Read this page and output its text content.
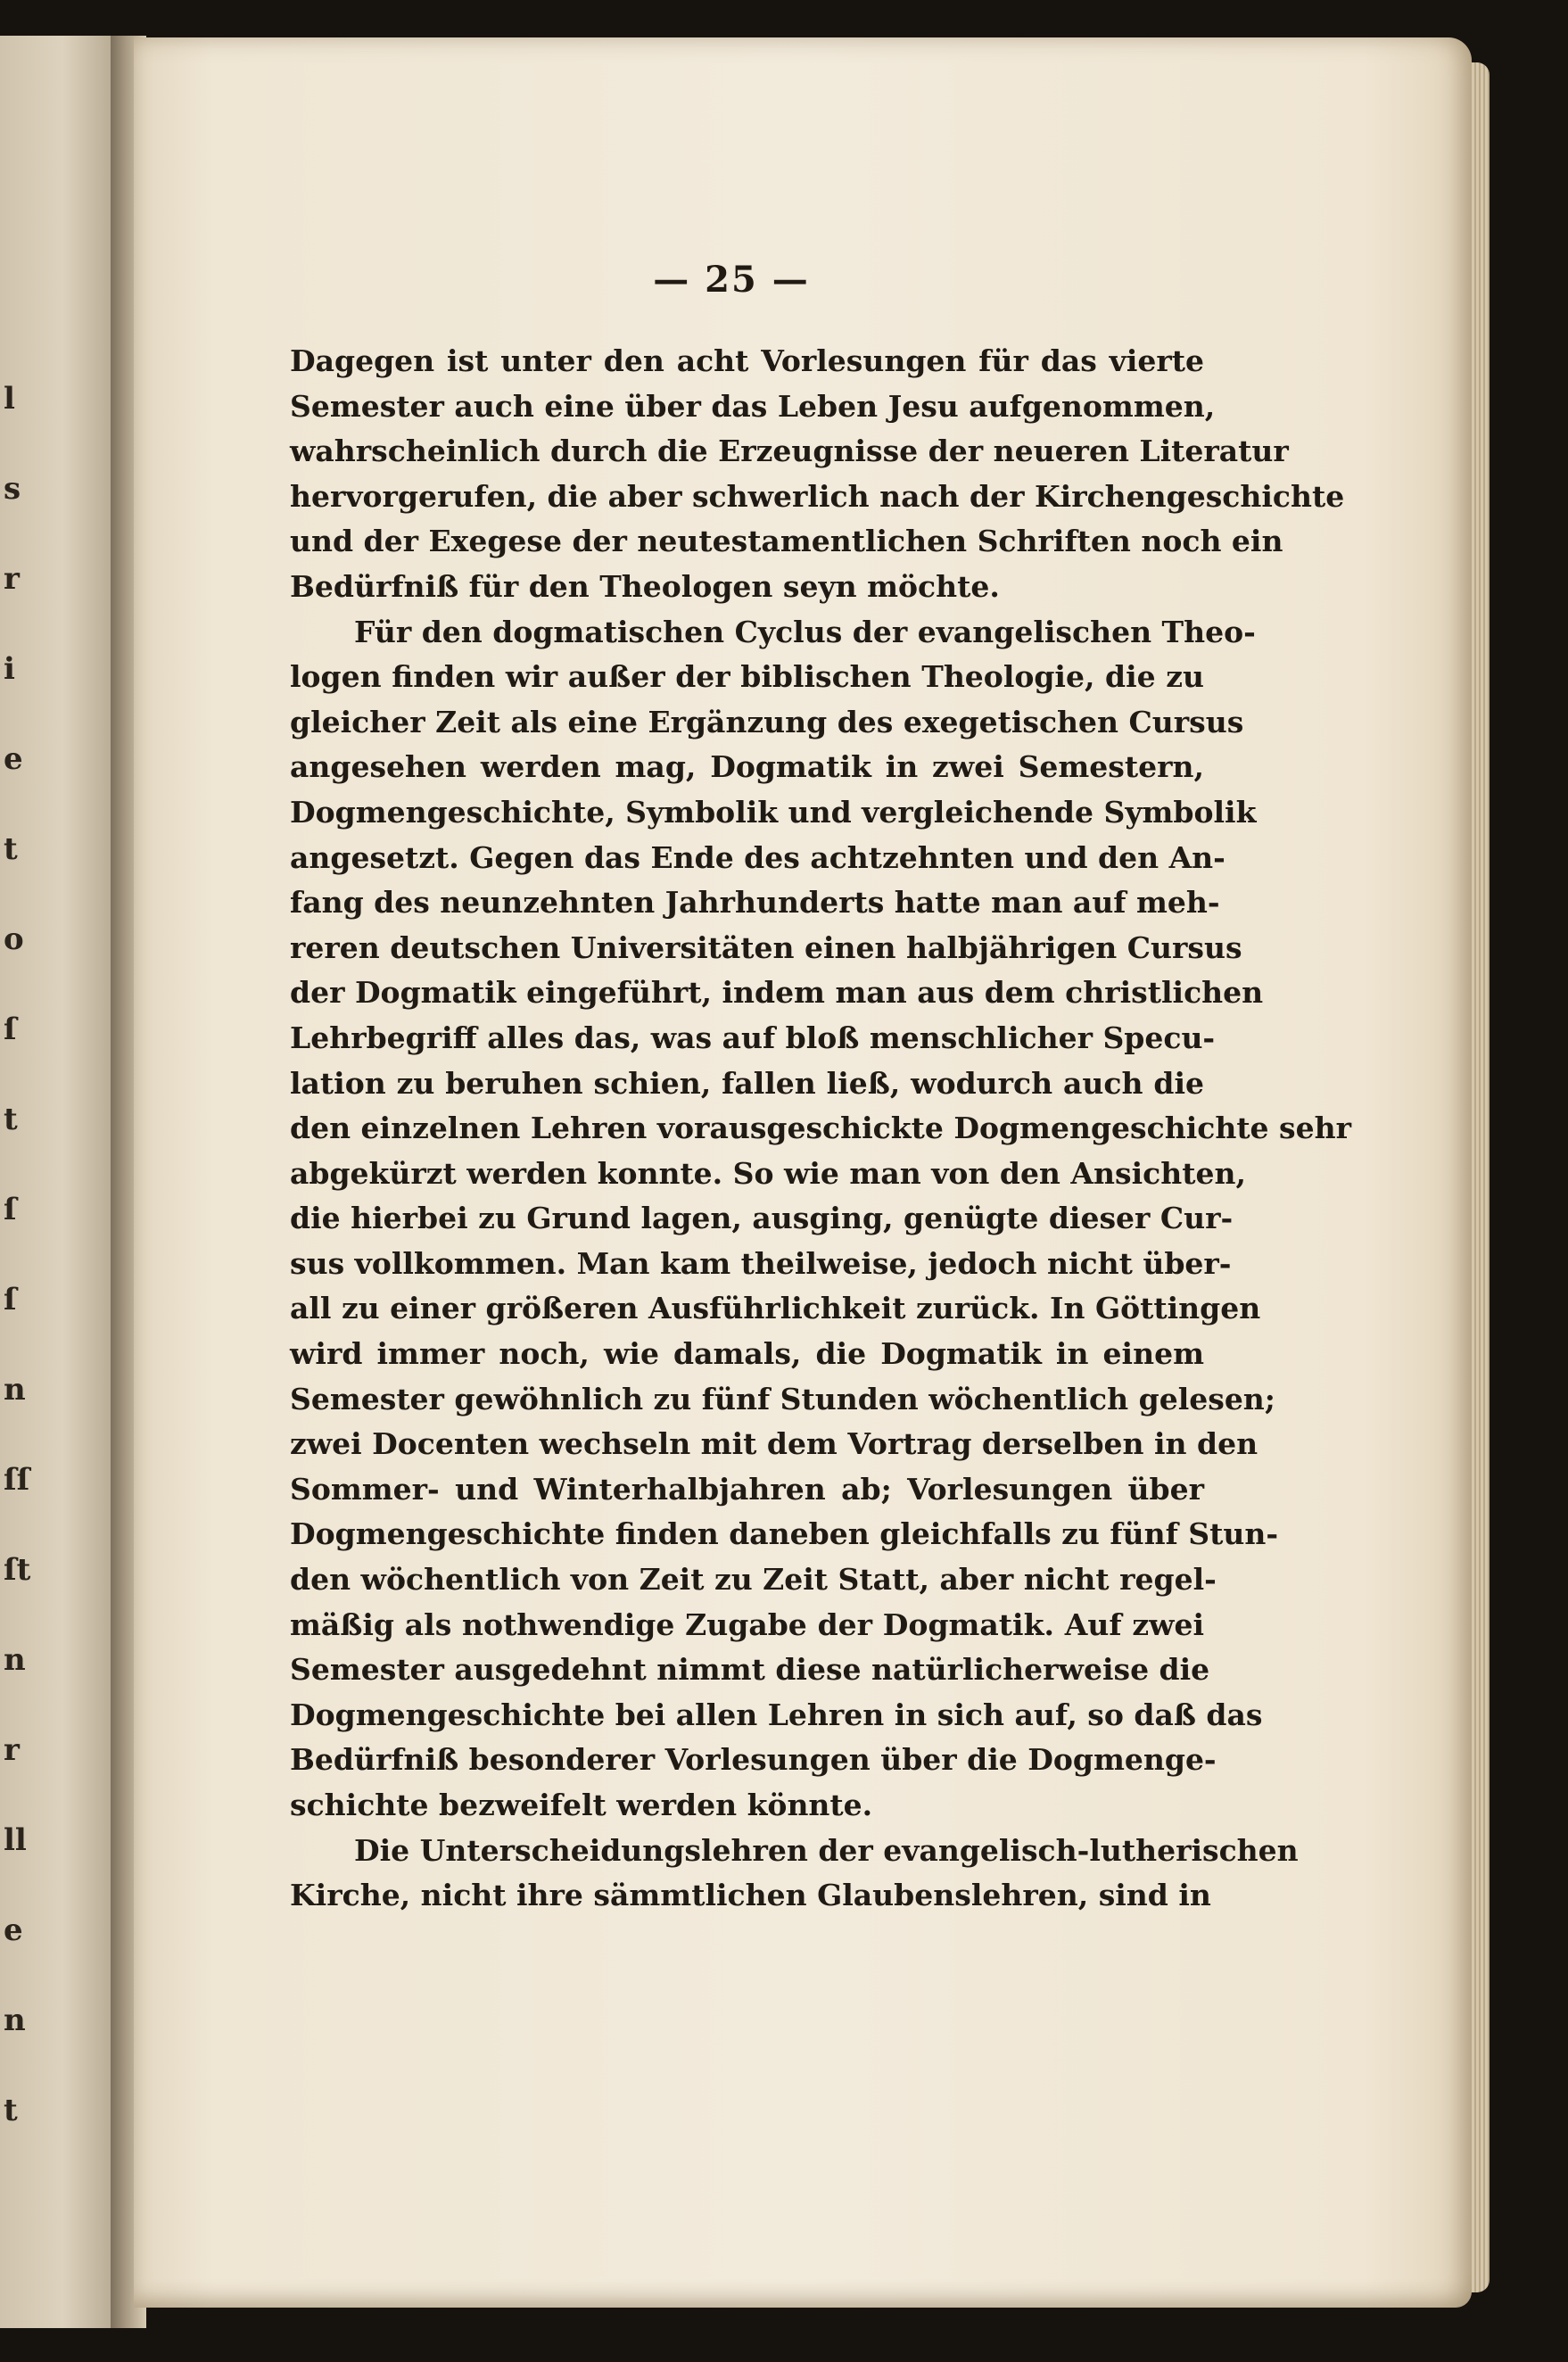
l
s
r
i
e
t
o
ſ
t
ſ
ſ
n
ſſ
ſt
n
r
ll
e
n
t
— 25 —
Dagegen ist unter den acht Vorlesungen für das vierte
Semester auch eine über das Leben Jesu aufgenommen,
wahrscheinlich durch die Erzeugnisse der neueren Literatur
hervorgerufen, die aber schwerlich nach der Kirchengeschichte
und der Exegese der neutestamentlichen Schriften noch ein
Bedürfniß für den Theologen seyn möchte.
Für den dogmatischen Cyclus der evangelischen Theo-
logen finden wir außer der biblischen Theologie, die zu
gleicher Zeit als eine Ergänzung des exegetischen Cursus
angesehen werden mag, Dogmatik in zwei Semestern,
Dogmengeschichte, Symbolik und vergleichende Symbolik
angesetzt. Gegen das Ende des achtzehnten und den An-
fang des neunzehnten Jahrhunderts hatte man auf meh-
reren deutschen Universitäten einen halbjährigen Cursus
der Dogmatik eingeführt, indem man aus dem christlichen
Lehrbegriff alles das, was auf bloß menschlicher Specu-
lation zu beruhen schien, fallen ließ, wodurch auch die
den einzelnen Lehren vorausgeschickte Dogmengeschichte sehr
abgekürzt werden konnte. So wie man von den Ansichten,
die hierbei zu Grund lagen, ausging, genügte dieser Cur-
sus vollkommen. Man kam theilweise, jedoch nicht über-
all zu einer größeren Ausführlichkeit zurück. In Göttingen
wird immer noch, wie damals, die Dogmatik in einem
Semester gewöhnlich zu fünf Stunden wöchentlich gelesen;
zwei Docenten wechseln mit dem Vortrag derselben in den
Sommer- und Winterhalbjahren ab; Vorlesungen über
Dogmengeschichte finden daneben gleichfalls zu fünf Stun-
den wöchentlich von Zeit zu Zeit Statt, aber nicht regel-
mäßig als nothwendige Zugabe der Dogmatik. Auf zwei
Semester ausgedehnt nimmt diese natürlicherweise die
Dogmengeschichte bei allen Lehren in sich auf, so daß das
Bedürfniß besonderer Vorlesungen über die Dogmenge-
schichte bezweifelt werden könnte.
Die Unterscheidungslehren der evangelisch-lutherischen
Kirche, nicht ihre sämmtlichen Glaubenslehren, sind in
